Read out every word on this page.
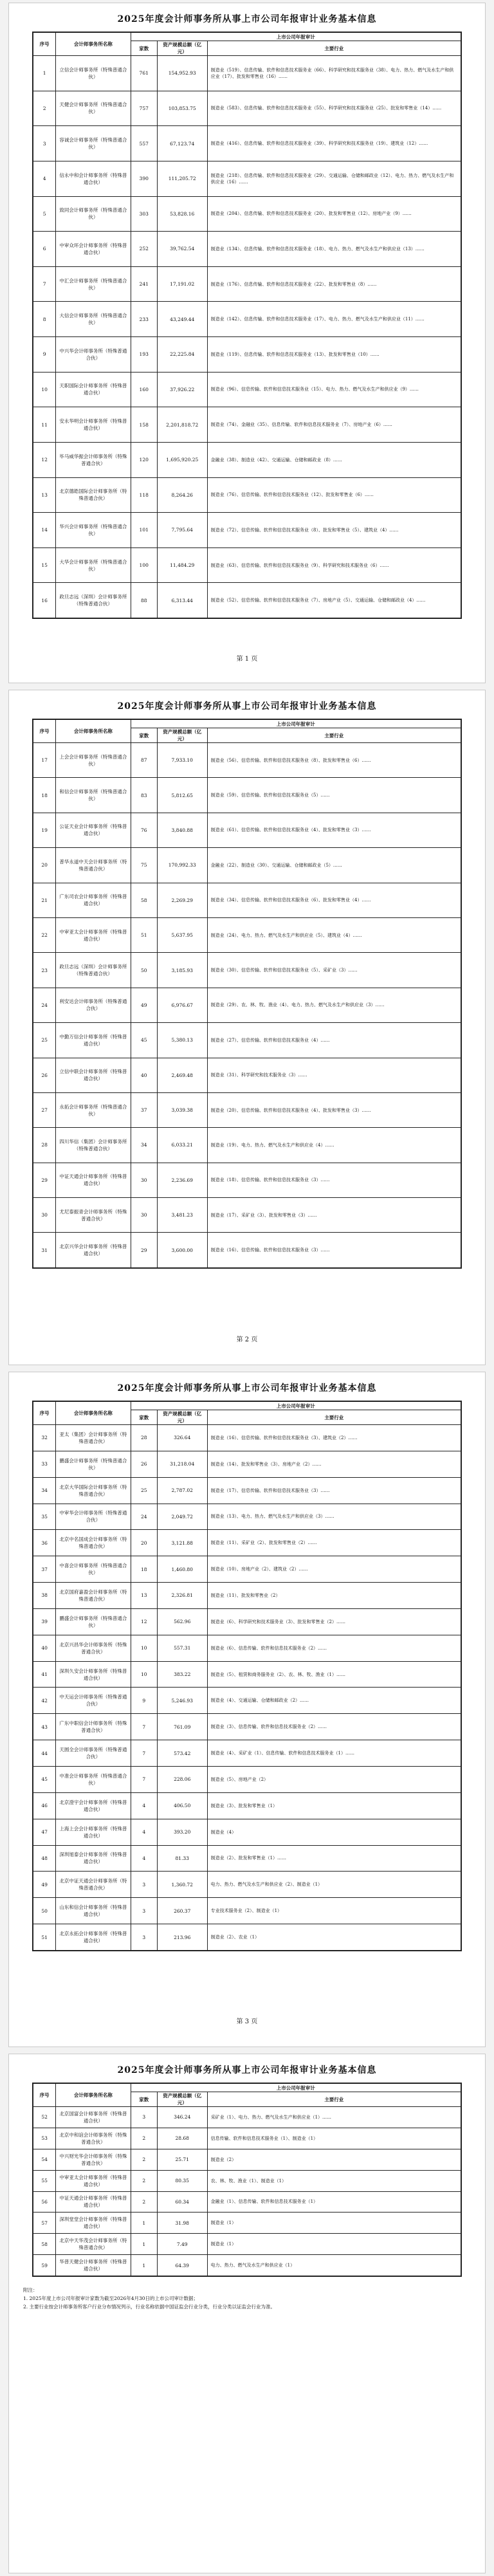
2025年度会计师事务所从事上市公司年报审计业务基本信息
序号	会计师事务所名称	上市公司年报审计		
		家数	资产规模总额（亿元）	主要行业
1	立信会计师事务所（特殊普通合伙）	761	154,952.93	制造业（519）、信息传输、软件和信息技术服务业（66）、科学研究和技术服务业（38）、电力、热力、燃气及水生产和供应业（17）、批发和零售业（16）……
2	天健会计师事务所（特殊普通合伙）	757	103,853.75	制造业（583）、信息传输、软件和信息技术服务业（55）、科学研究和技术服务业（25）、批发和零售业（14）……
3	容诚会计师事务所（特殊普通合伙）	557	67,123.74	制造业（416）、信息传输、软件和信息技术服务业（39）、科学研究和技术服务业（19）、建筑业（12）……
4	信永中和会计师事务所（特殊普通合伙）	390	111,205.72	制造业（218）、信息传输、软件和信息技术服务业（29）、交通运输、仓储和邮政业（12）、电力、热力、燃气及水生产和供应业（16）……
5	致同会计师事务所（特殊普通合伙）	303	53,828.16	制造业（204）、信息传输、软件和信息技术服务业（20）、批发和零售业（12）、房地产业（9）……
6	中审众环会计师事务所（特殊普通合伙）	252	39,762.54	制造业（134）、信息传输、软件和信息技术服务业（18）、电力、热力、燃气及水生产和供应业（13）……
7	中汇会计师事务所（特殊普通合伙）	241	17,191.02	制造业（176）、信息传输、软件和信息技术服务业（22）、批发和零售业（8）……
8	大信会计师事务所（特殊普通合伙）	233	43,249.44	制造业（142）、信息传输、软件和信息技术服务业（17）、电力、热力、燃气及水生产和供应业（11）……
9	中兴华会计师事务所（特殊普通合伙）	193	22,225.84	制造业（119）、信息传输、软件和信息技术服务业（13）、批发和零售业（10）……
10	天职国际会计师事务所（特殊普通合伙）	160	37,926.22	制造业（96）、信息传输、软件和信息技术服务业（15）、电力、热力、燃气及水生产和供应业（9）……
11	安永华明会计师事务所（特殊普通合伙）	158	2,201,818.72	制造业（74）、金融业（35）、信息传输、软件和信息技术服务业（7）、房地产业（6）……
12	毕马威华振会计师事务所（特殊普通合伙）	120	1,695,920.25	金融业（38）、制造业（42）、交通运输、仓储和邮政业（8）……
13	北京德皓国际会计师事务所（特殊普通合伙）	118	8,264.26	制造业（76）、信息传输、软件和信息技术服务业（12）、批发和零售业（6）……
14	华兴会计师事务所（特殊普通合伙）	101	7,795.64	制造业（72）、信息传输、软件和信息技术服务业（8）、批发和零售业（5）、建筑业（4）……
15	大华会计师事务所（特殊普通合伙）	100	11,484.29	制造业（63）、信息传输、软件和信息技术服务业（9）、科学研究和技术服务业（6）……
16	政旦志远（深圳）会计师事务所（特殊普通合伙）	88	6,313.44	制造业（52）、信息传输、软件和信息技术服务业（7）、房地产业（5）、交通运输、仓储和邮政业（4）……
第 1 页
2025年度会计师事务所从事上市公司年报审计业务基本信息
序号	会计师事务所名称	上市公司年报审计		
		家数	资产规模总额（亿元）	主要行业
17	上会会计师事务所（特殊普通合伙）	87	7,933.10	制造业（56）、信息传输、软件和信息技术服务业（8）、批发和零售业（6）……
18	和信会计师事务所（特殊普通合伙）	83	5,812.65	制造业（59）、信息传输、软件和信息技术服务业（5）……
19	公证天业会计师事务所（特殊普通合伙）	76	3,840.88	制造业（61）、信息传输、软件和信息技术服务业（4）、批发和零售业（3）……
20	普华永道中天会计师事务所（特殊普通合伙）	75	170,992.33	金融业（22）、制造业（30）、交通运输、仓储和邮政业（5）……
21	广东司农会计师事务所（特殊普通合伙）	58	2,269.29	制造业（34）、信息传输、软件和信息技术服务业（6）、批发和零售业（4）……
22	中审亚太会计师事务所（特殊普通合伙）	51	5,637.95	制造业（24）、电力、热力、燃气及水生产和供应业（5）、建筑业（4）……
23	政旦志远（深圳）会计师事务所（特殊普通合伙）	50	3,185.93	制造业（30）、信息传输、软件和信息技术服务业（5）、采矿业（3）……
24	利安达会计师事务所（特殊普通合伙）	49	6,976.67	制造业（29）、农、林、牧、渔业（4）、电力、热力、燃气及水生产和供应业（3）……
25	中勤万信会计师事务所（特殊普通合伙）	45	5,380.13	制造业（27）、信息传输、软件和信息技术服务业（4）……
26	立信中联会计师事务所（特殊普通合伙）	40	2,469.48	制造业（31）、科学研究和技术服务业（3）……
27	永拓会计师事务所（特殊普通合伙）	37	3,039.38	制造业（20）、信息传输、软件和信息技术服务业（4）、批发和零售业（3）……
28	四川华信（集团）会计师事务所（特殊普通合伙）	34	6,033.21	制造业（19）、电力、热力、燃气及水生产和供应业（4）……
29	中证天通会计师事务所（特殊普通合伙）	30	2,236.69	制造业（18）、信息传输、软件和信息技术服务业（3）……
30	尤尼泰振青会计师事务所（特殊普通合伙）	30	3,481.23	制造业（17）、采矿业（3）、批发和零售业（3）……
31	北京兴华会计师事务所（特殊普通合伙）	29	3,600.00	制造业（16）、信息传输、软件和信息技术服务业（3）……
第 2 页
2025年度会计师事务所从事上市公司年报审计业务基本信息
序号	会计师事务所名称	上市公司年报审计		
		家数	资产规模总额（亿元）	主要行业
32	亚太（集团）会计师事务所（特殊普通合伙）	28	326.64	制造业（16）、信息传输、软件和信息技术服务业（3）、建筑业（2）……
33	鹏盛会计师事务所（特殊普通合伙）	26	31,218.04	制造业（14）、批发和零售业（3）、房地产业（2）……
34	北京大华国际会计师事务所（特殊普通合伙）	25	2,787.02	制造业（17）、信息传输、软件和信息技术服务业（3）……
35	中审华会计师事务所（特殊普通合伙）	24	2,049.72	制造业（13）、电力、热力、燃气及水生产和供应业（3）……
36	北京中名国成会计师事务所（特殊普通合伙）	20	3,121.88	制造业（11）、采矿业（2）、批发和零售业（2）……
37	中喜会计师事务所（特殊普通合伙）	18	1,460.80	制造业（10）、房地产业（2）、建筑业（2）……
38	北京国府嘉盈会计师事务所（特殊普通合伙）	13	2,326.81	制造业（11）、批发和零售业（2）
39	鹏盛会计师事务所（特殊普通合伙）	12	562.96	制造业（6）、科学研究和技术服务业（3）、批发和零售业（2）……
40	北京兴昌华会计师事务所（特殊普通合伙）	10	557.31	制造业（6）、信息传输、软件和信息技术服务业（2）……
41	深圳久安会计师事务所（特殊普通合伙）	10	383.22	制造业（5）、租赁和商务服务业（2）、农、林、牧、渔业（1）……
42	中天运会计师事务所（特殊普通合伙）	9	5,246.93	制造业（4）、交通运输、仓储和邮政业（2）……
43	广东中职信会计师事务所（特殊普通合伙）	7	761.09	制造业（3）、信息传输、软件和信息技术服务业（2）……
44	天圆全会计师事务所（特殊普通合伙）	7	573.42	制造业（4）、采矿业（1）、信息传输、软件和信息技术服务业（1）……
45	中准会计师事务所（特殊普通合伙）	7	228.06	制造业（5）、房地产业（2）
46	北京澄宇会计师事务所（特殊普通合伙）	4	406.50	制造业（3）、批发和零售业（1）
47	上海上会会计师事务所（特殊普通合伙）	4	393.20	制造业（4）
48	深圳旭泰会计师事务所（特殊普通合伙）	4	81.33	制造业（2）、批发和零售业（1）……
49	北京中证天通会计师事务所（特殊普通合伙）	3	1,360.72	电力、热力、燃气及水生产和供应业（2）、制造业（1）
50	山东和信会计师事务所（特殊普通合伙）	3	260.37	专业技术服务业（2）、制造业（1）
51	北京永拓会计师事务所（特殊普通合伙）	3	213.96	制造业（2）、农业（1）
第 3 页
2025年度会计师事务所从事上市公司年报审计业务基本信息
序号	会计师事务所名称	上市公司年报审计		
		家数	资产规模总额（亿元）	主要行业
52	北京国富会计师事务所（特殊普通合伙）	3	346.24	采矿业（1）、电力、热力、燃气及水生产和供应业（1）……
53	北京中和谊会计师事务所（特殊普通合伙）	2	28.68	信息传输、软件和信息技术服务业（1）、制造业（1）
54	中兴财光华会计师事务所（特殊普通合伙）	2	25.71	制造业（2）
55	中审亚太会计师事务所（特殊普通合伙）	2	80.35	农、林、牧、渔业（1）、制造业（1）
56	中证天通会计师事务所（特殊普通合伙）	2	60.34	金融业（1）、信息传输、软件和信息技术服务业（1）
57	深圳堂堂会计师事务所（特殊普通合伙）	1	31.98	制造业（1）
58	北京中天华茂会计师事务所（特殊普通合伙）	1	7.49	制造业（1）
59	华普天健会计师事务所（特殊普通合伙）	1	64.39	电力、热力、燃气及水生产和供应业（1）
附注：
1. 2025年度上市公司年报审计家数为截至2026年4月30日的上市公司审计数据；
2. 主要行业按会计师事务所客户行业分布情况列示，行业名称依据中国证监会行业分类，行业分类以证监会行业为准。
